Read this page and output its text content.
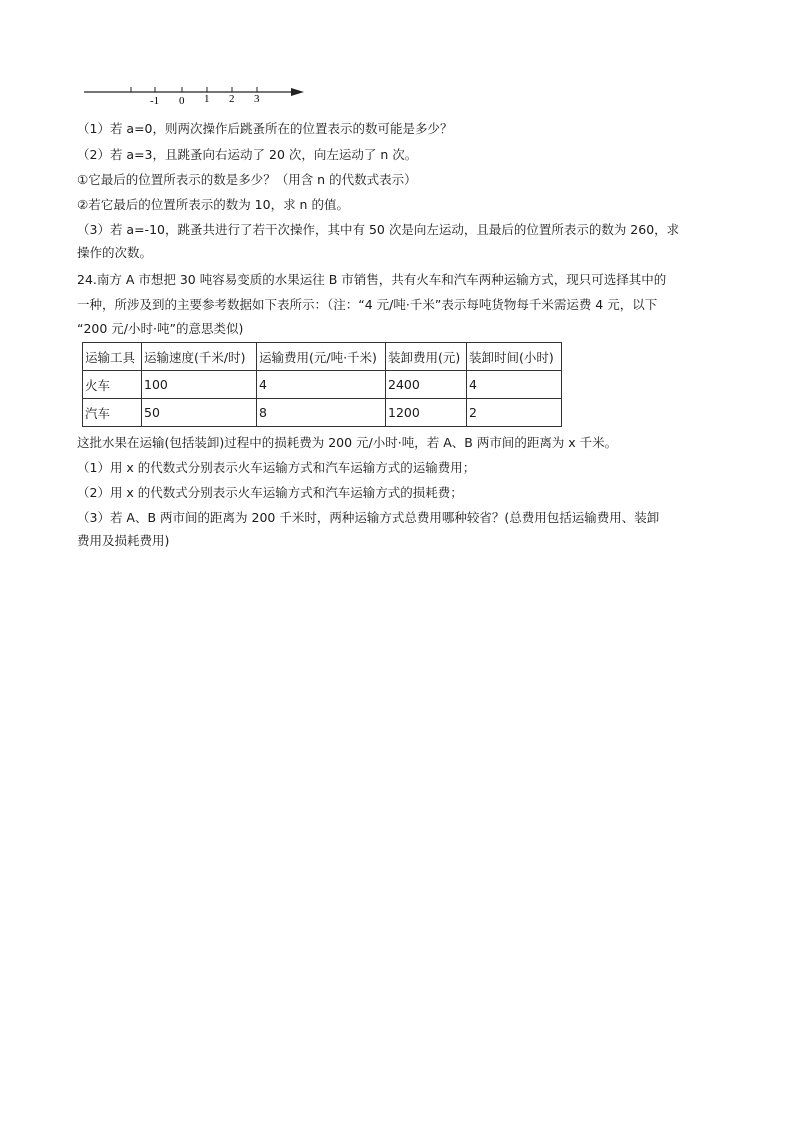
-1 0 1 2 3
（1）若 a=0，则两次操作后跳蚤所在的位置表示的数可能是多少？
（2）若 a=3，且跳蚤向右运动了 20 次，向左运动了 n 次。
①它最后的位置所表示的数是多少？（用含 n 的代数式表示）
②若它最后的位置所表示的数为 10，求 n 的值。
（3）若 a=-10，跳蚤共进行了若干次操作，其中有 50 次是向左运动，且最后的位置所表示的数为 260，求
操作的次数。
24.南方 A 市想把 30 吨容易变质的水果运往 B 市销售，共有火车和汽车两种运输方式，现只可选择其中的
一种，所涉及到的主要参考数据如下表所示：（注：“4 元/吨·千米”表示每吨货物每千米需运费 4 元，以下
“200 元/小时·吨”的意思类似)
运输工具	运输速度(千米/时)	运输费用(元/吨·千米)	装卸费用(元)	装卸时间(小时)
火车	100	4	2400	4
汽车	50	8	1200	2
这批水果在运输(包括装卸)过程中的损耗费为 200 元/小时·吨，若 A、B 两市间的距离为 x 千米。
（1）用 x 的代数式分别表示火车运输方式和汽车运输方式的运输费用；
（2）用 x 的代数式分别表示火车运输方式和汽车运输方式的损耗费；
（3）若 A、B 两市间的距离为 200 千米时，两种运输方式总费用哪种较省？(总费用包括运输费用、装卸
费用及损耗费用)
